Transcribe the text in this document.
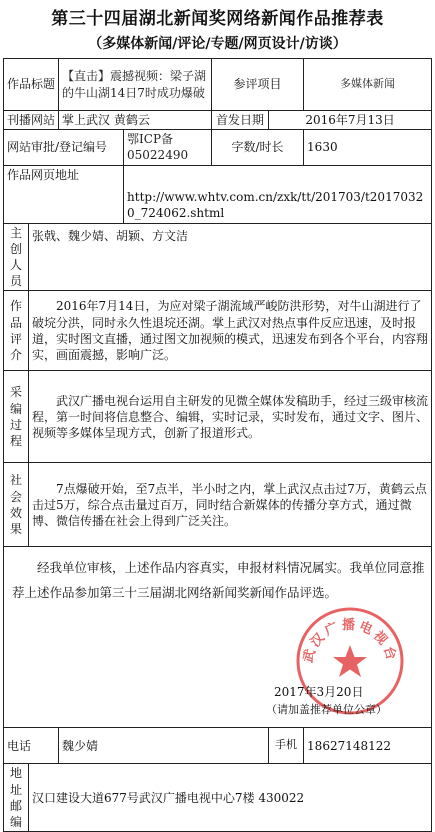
第三十四届湖北新闻奖网络新闻作品推荐表
（多媒体新闻/评论/专题/网页设计/访谈）
作品标题		【直击】震撼视频：梁子湖的牛山湖14日7时成功爆破		参评项目		多媒体新闻
刊播网站		掌上武汉 黄鹤云		首发日期	2016年7月13日	
网站审批/登记编号			鄂ICP备05022490	字数/时长		1630
作品网页地址			http://www.whtv.com.cn/zxk/tt/201703/t20170320_724062.shtml			
主创人员	张戟、魏少婧、胡颖、方文洁					
作品评介	2016年7月14日，为应对梁子湖流域严峻防洪形势，对牛山湖进行了破垸分洪，同时永久性退垸还湖。掌上武汉对热点事件反应迅速，及时报道，实时图文直播，通过图文加视频的模式，迅速发布到各个平台，内容翔实，画面震撼，影响广泛。					
采编过程	武汉广播电视台运用自主研发的见微全媒体发稿助手，经过三级审核流程，第一时间将信息整合、编辑，实时记录，实时发布，通过文字、图片、视频等多媒体呈现方式，创新了报道形式。					
社会效果	7点爆破开始，至7点半，半小时之内，掌上武汉点击过7万，黄鹤云点击过5万，综合点击量过百万，同时结合新媒体的传播分享方式，通过微博、微信传播在社会上得到广泛关注。					

经我单位审核，上述作品内容真实，申报材料情况属实。我单位同意推荐上述作品参加第三十三届湖北网络新闻奖新闻作品评选。
武汉广播电视台
2017年3月20日
（请加盖推荐单位公章）						

电话		魏少婧			手机	18627148122
地址邮编	汉口建设大道677号武汉广播电视中心7楼 430022					
